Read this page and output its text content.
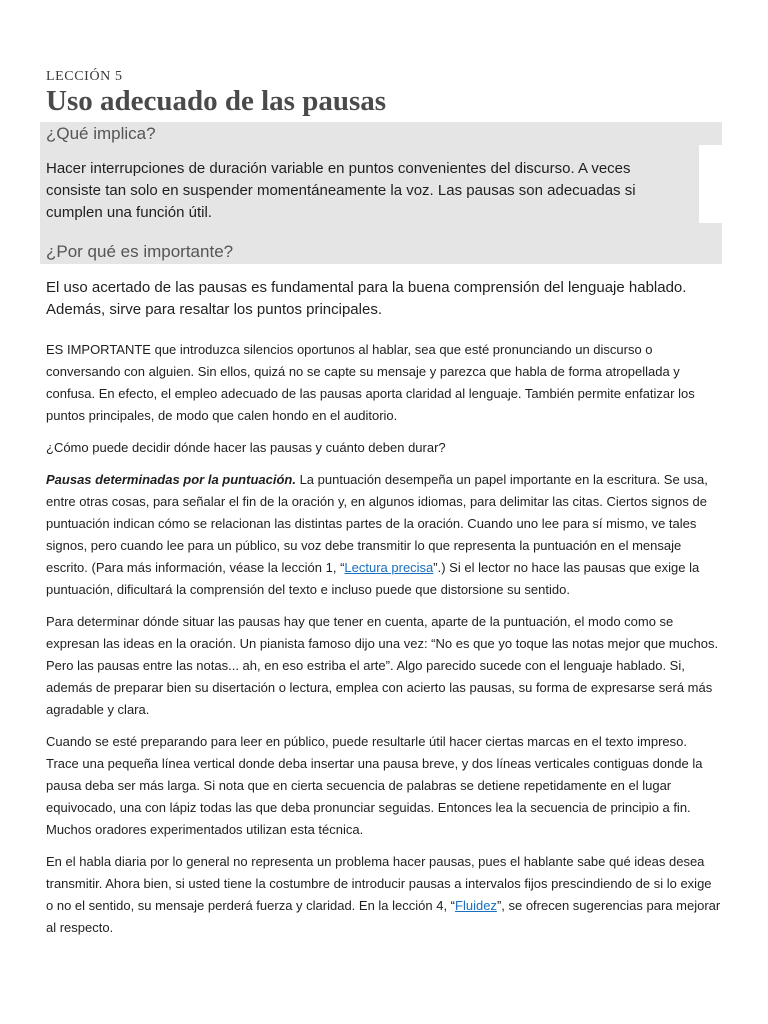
LECCIÓN 5
Uso adecuado de las pausas
¿Qué implica?

Hacer interrupciones de duración variable en puntos convenientes del discurso. A veces consiste tan solo en suspender momentáneamente la voz. Las pausas son adecuadas si cumplen una función útil.

¿Por qué es importante?

El uso acertado de las pausas es fundamental para la buena comprensión del lenguaje hablado. Además, sirve para resaltar los puntos principales.

ES IMPORTANTE que introduzca silencios oportunos al hablar, sea que esté pronunciando un discurso o conversando con alguien. Sin ellos, quizá no se capte su mensaje y parezca que habla de forma atropellada y confusa. En efecto, el empleo adecuado de las pausas aporta claridad al lenguaje. También permite enfatizar los puntos principales, de modo que calen hondo en el auditorio.

¿Cómo puede decidir dónde hacer las pausas y cuánto deben durar?

Pausas determinadas por la puntuación. La puntuación desempeña un papel importante en la escritura. Se usa, entre otras cosas, para señalar el fin de la oración y, en algunos idiomas, para delimitar las citas. Ciertos signos de puntuación indican cómo se relacionan las distintas partes de la oración. Cuando uno lee para sí mismo, ve tales signos, pero cuando lee para un público, su voz debe transmitir lo que representa la puntuación en el mensaje escrito. (Para más información, véase la lección 1, “Lectura precisa”.) Si el lector no hace las pausas que exige la puntuación, dificultará la comprensión del texto e incluso puede que distorsione su sentido.

Para determinar dónde situar las pausas hay que tener en cuenta, aparte de la puntuación, el modo como se expresan las ideas en la oración. Un pianista famoso dijo una vez: “No es que yo toque las notas mejor que muchos. Pero las pausas entre las notas... ah, en eso estriba el arte”. Algo parecido sucede con el lenguaje hablado. Si, además de preparar bien su disertación o lectura, emplea con acierto las pausas, su forma de expresarse será más agradable y clara.

Cuando se esté preparando para leer en público, puede resultarle útil hacer ciertas marcas en el texto impreso. Trace una pequeña línea vertical donde deba insertar una pausa breve, y dos líneas verticales contiguas donde la pausa deba ser más larga. Si nota que en cierta secuencia de palabras se detiene repetidamente en el lugar equivocado, una con lápiz todas las que deba pronunciar seguidas. Entonces lea la secuencia de principio a fin. Muchos oradores experimentados utilizan esta técnica.

En el habla diaria por lo general no representa un problema hacer pausas, pues el hablante sabe qué ideas desea transmitir. Ahora bien, si usted tiene la costumbre de introducir pausas a intervalos fijos prescindiendo de si lo exige o no el sentido, su mensaje perderá fuerza y claridad. En la lección 4, “Fluidez”, se ofrecen sugerencias para mejorar al respecto.
